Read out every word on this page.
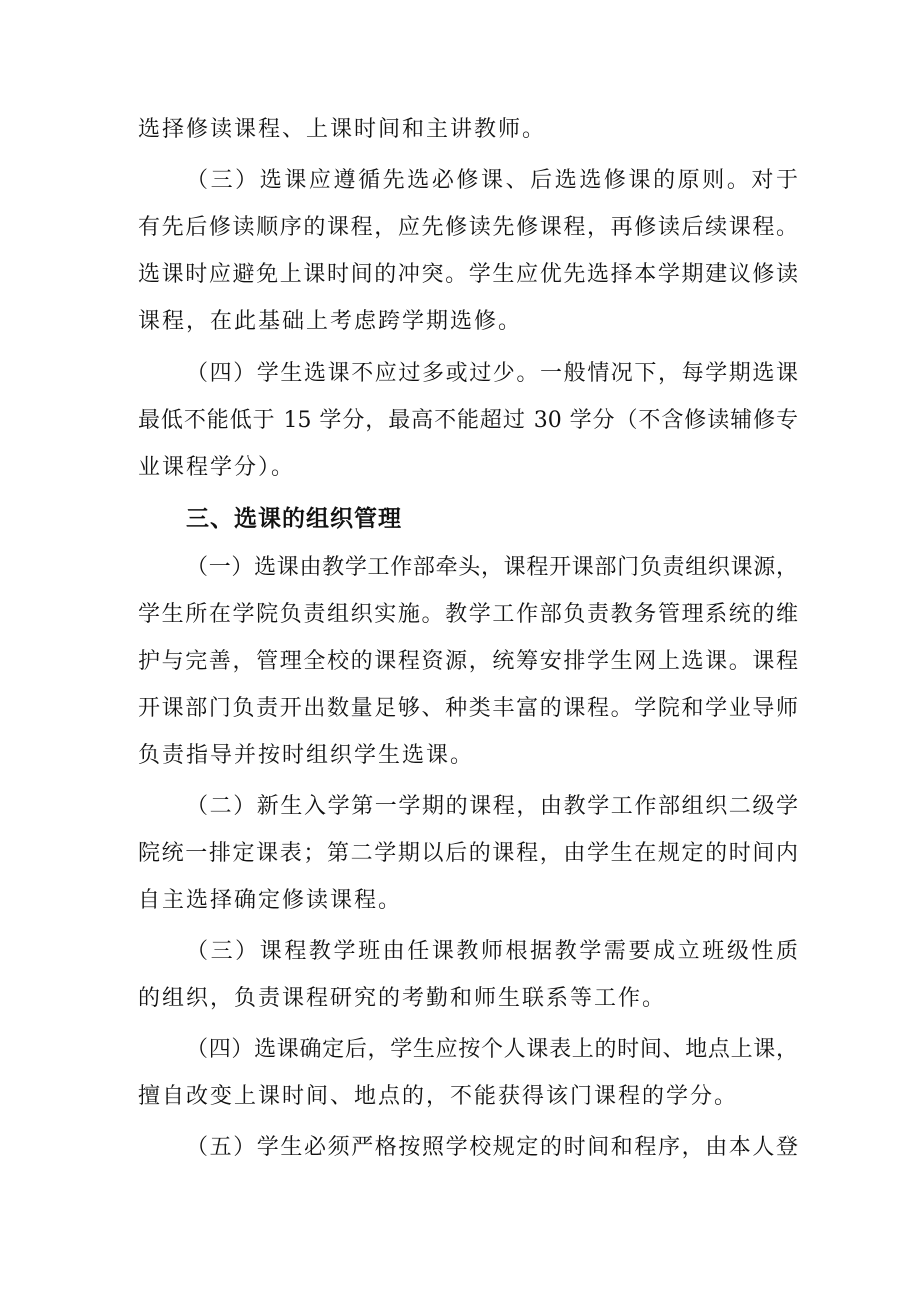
选择修读课程、上课时间和主讲教师。

（三）选课应遵循先选必修课、后选选修课的原则。对于

有先后修读顺序的课程，应先修读先修课程，再修读后续课程。

选课时应避免上课时间的冲突。学生应优先选择本学期建议修读

课程，在此基础上考虑跨学期选修。

（四）学生选课不应过多或过少。一般情况下，每学期选课

最低不能低于 15 学分，最高不能超过 30 学分（不含修读辅修专

业课程学分）。

三、选课的组织管理

（一）选课由教学工作部牵头，课程开课部门负责组织课源，

学生所在学院负责组织实施。教学工作部负责教务管理系统的维

护与完善，管理全校的课程资源，统筹安排学生网上选课。课程

开课部门负责开出数量足够、种类丰富的课程。学院和学业导师

负责指导并按时组织学生选课。

（二）新生入学第一学期的课程，由教学工作部组织二级学

院统一排定课表；第二学期以后的课程，由学生在规定的时间内

自主选择确定修读课程。

（三）课程教学班由任课教师根据教学需要成立班级性质

的组织，负责课程研究的考勤和师生联系等工作。

（四）选课确定后，学生应按个人课表上的时间、地点上课，

擅自改变上课时间、地点的，不能获得该门课程的学分。

（五）学生必须严格按照学校规定的时间和程序，由本人登
